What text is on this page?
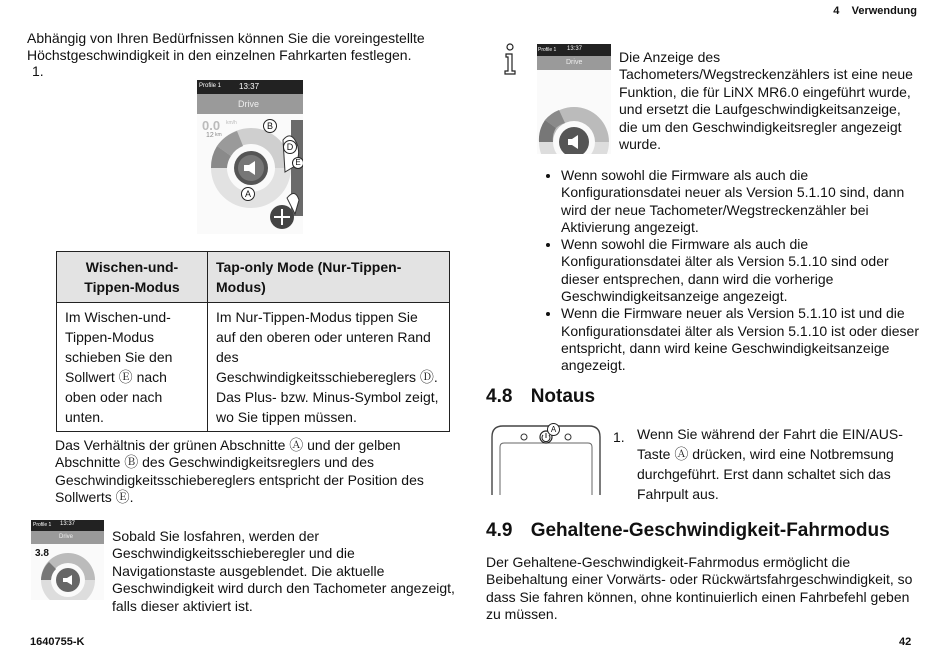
4 Verwendung
Abhängig von Ihren Bedürfnissen können Sie die voreingestellte Höchstgeschwindigkeit in den einzelnen Fahrkarten festlegen.
1.
Profile 1 13:37
Drive
0.0 km/h
12 km
B
D
E
A
Wischen-und-Tippen-Modus	Tap-only Mode (Nur-Tippen-Modus)
Im Wischen-und-Tippen-Modus schieben Sie den Sollwert Ⓔ nach oben oder nach unten.	Im Nur-Tippen-Modus tippen Sie auf den oberen oder unteren Rand des Geschwindigkeitsschiebereglers Ⓓ. Das Plus- bzw. Minus-Symbol zeigt, wo Sie tippen müssen.
Das Verhältnis der grünen Abschnitte Ⓐ und der gelben Abschnitte Ⓑ des Geschwindigkeitsreglers und des Geschwindigkeitsschiebereglers entspricht der Position des Sollwerts Ⓔ.
Profile 1 13:37
Drive
3.8
Sobald Sie losfahren, werden der Geschwindigkeitsschieberegler und die Navigationstaste ausgeblendet. Die aktuelle Geschwindigkeit wird durch den Tachometer angezeigt, falls dieser aktiviert ist.
Profile 1 13:37
Drive	Die Anzeige des Tachometers/Wegstreckenzählers ist eine neue Funktion, die für LiNX MR6.0 eingeführt wurde, und ersetzt die Laufgeschwindigkeitsanzeige, die um den Geschwindigkeitsregler angezeigt wurde.
• Wenn sowohl die Firmware als auch die Konfigurationsdatei neuer als Version 5.1.10 sind, dann wird der neue Tachometer/Wegstreckenzähler bei Aktivierung angezeigt.
• Wenn sowohl die Firmware als auch die Konfigurationsdatei älter als Version 5.1.10 sind oder dieser entsprechen, dann wird die vorherige Geschwindigkeitsanzeige angezeigt.
• Wenn die Firmware neuer als Version 5.1.10 ist und die Konfigurationsdatei älter als Version 5.1.10 ist oder dieser entspricht, dann wird keine Geschwindigkeitsanzeige angezeigt.
4.8 Notaus
A	1. Wenn Sie während der Fahrt die EIN/AUS-Taste Ⓐ drücken, wird eine Notbremsung durchgeführt. Erst dann schaltet sich das Fahrpult aus.
4.9 Gehaltene-Geschwindigkeit-Fahrmodus
Der Gehaltene-Geschwindigkeit-Fahrmodus ermöglicht die Beibehaltung einer Vorwärts- oder Rückwärtsfahrgeschwindigkeit, so dass Sie fahren können, ohne kontinuierlich einen Fahrbefehl geben zu müssen.
1640755-K	42
